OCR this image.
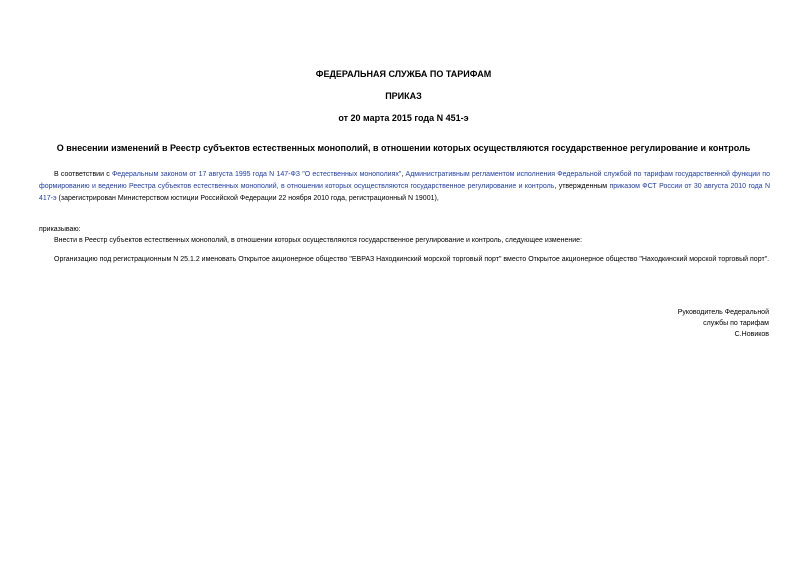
ФЕДЕРАЛЬНАЯ СЛУЖБА ПО ТАРИФАМ
ПРИКАЗ
от 20 марта 2015 года N 451-э
О внесении изменений в Реестр субъектов естественных монополий, в отношении которых осуществляются государственное регулирование и контроль
В соответствии с Федеральным законом от 17 августа 1995 года N 147-ФЗ "О естественных монополиях", Административным регламентом исполнения Федеральной службой по тарифам государственной функции по формированию и ведению Реестра субъектов естественных монополий, в отношении которых осуществляются государственное регулирование и контроль, утвержденным приказом ФСТ России от 30 августа 2010 года N 417-э (зарегистрирован Министерством юстиции Российской Федерации 22 ноября 2010 года, регистрационный N 19001),
приказываю:
Внести в Реестр субъектов естественных монополий, в отношении которых осуществляются государственное регулирование и контроль, следующее изменение:
Организацию под регистрационным N 25.1.2 именовать Открытое акционерное общество "ЕВРАЗ Находкинский морской торговый порт" вместо Открытое акционерное общество "Находкинский морской торговый порт".
Руководитель Федеральной
службы по тарифам
С.Новиков
